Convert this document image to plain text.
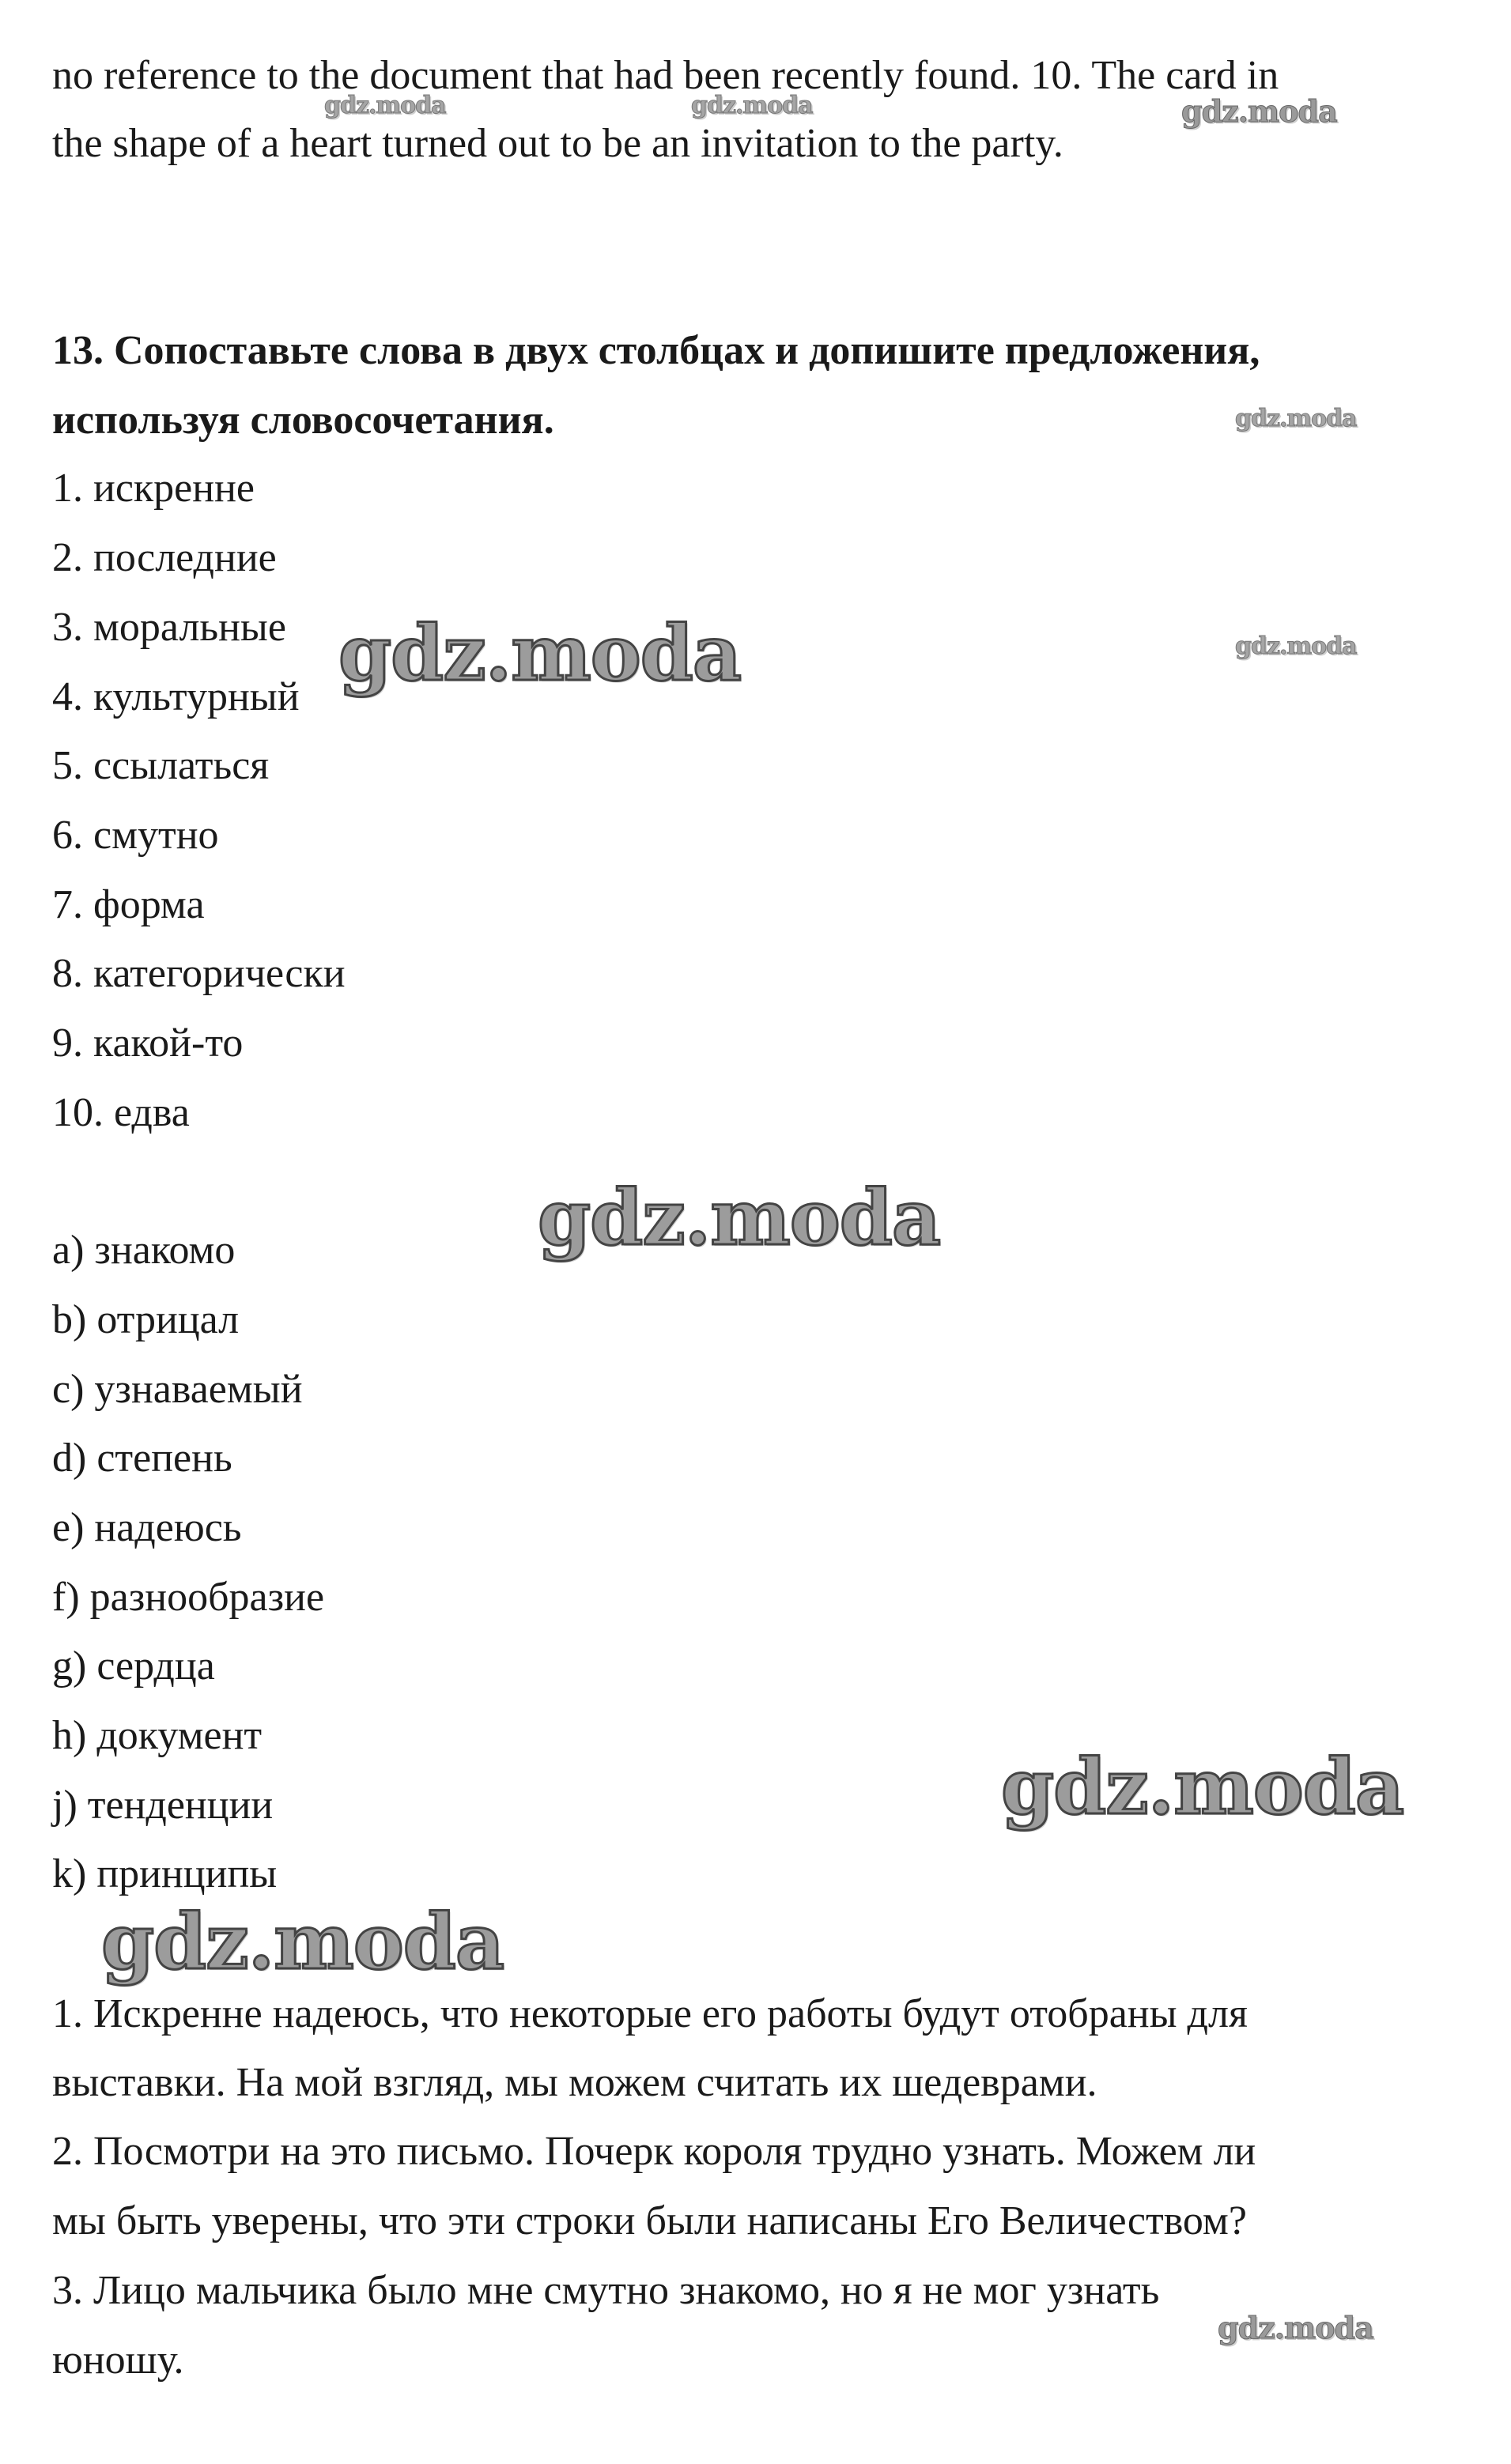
no reference to the document that had been recently found. 10. The card in
the shape of a heart turned out to be an invitation to the party.
13. Сопоставьте слова в двух столбцах и допишите предложения,
используя словосочетания.
1. искренне
2. последние
3. моральные
4. культурный
5. ссылаться
6. смутно
7. форма
8. категорически
9. какой-то
10. едва
a) знакомо
b) отрицал
c) узнаваемый
d) степень
e) надеюсь
f) разнообразие
g) сердца
h) документ
j) тенденции
k) принципы
1. Искренне надеюсь, что некоторые его работы будут отобраны для
выставки. На мой взгляд, мы можем считать их шедеврами.
2. Посмотри на это письмо. Почерк короля трудно узнать. Можем ли
мы быть уверены, что эти строки были написаны Его Величеством?
3. Лицо мальчика было мне смутно знакомо, но я не мог узнать
юношу.
gdz.moda	gdz.moda	gdz.moda
gdz.moda
gdz.moda	gdz.moda
gdz.moda
gdz.moda
gdz.moda
gdz.moda
